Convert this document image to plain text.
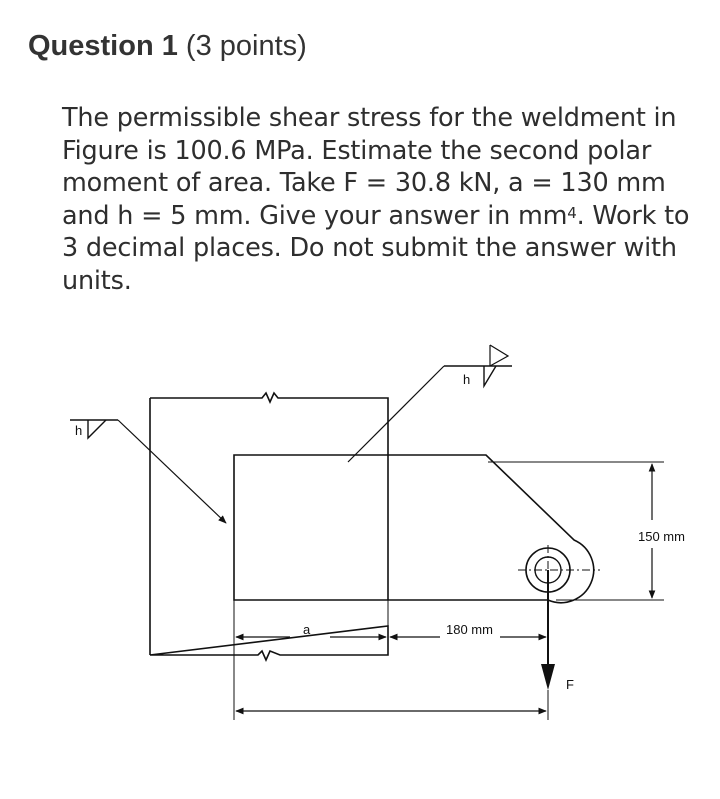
Question 1 (3 points)
The permissible shear stress for the weldment in Figure is 100.6 MPa. Estimate the second polar moment of area. Take F = 30.8 kN, a = 130 mm and h = 5 mm. Give your answer in $mm^4$. Work to 3 decimal places. Do not submit the answer with units.
F
h
h
150 mm
a	180 mm
